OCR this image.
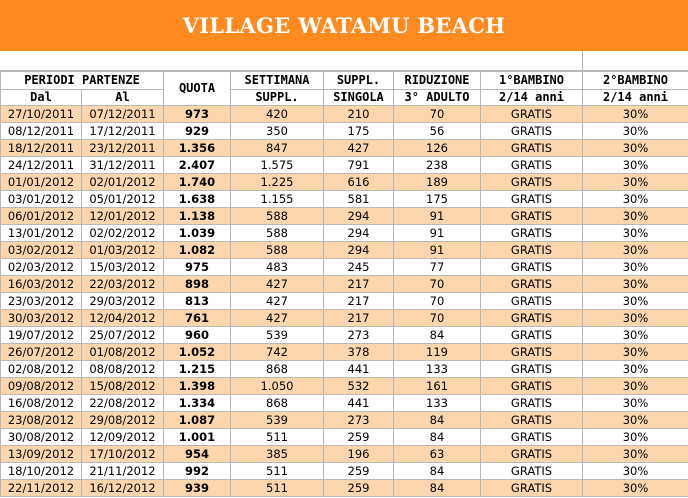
VILLAGE WATAMU BEACH
PERIODI PARTENZE		QUOTA	SETTIMANA	SUPPL.	RIDUZIONE	1°BAMBINO	2°BAMBINO
Dal	Al		SUPPL.	SINGOLA	3° ADULTO	2/14 anni	2/14 anni
27/10/2011	07/12/2011	973	420	210	70	GRATIS	30%
08/12/2011	17/12/2011	929	350	175	56	GRATIS	30%
18/12/2011	23/12/2011	1.356	847	427	126	GRATIS	30%
24/12/2011	31/12/2011	2.407	1.575	791	238	GRATIS	30%
01/01/2012	02/01/2012	1.740	1.225	616	189	GRATIS	30%
03/01/2012	05/01/2012	1.638	1.155	581	175	GRATIS	30%
06/01/2012	12/01/2012	1.138	588	294	91	GRATIS	30%
13/01/2012	02/02/2012	1.039	588	294	91	GRATIS	30%
03/02/2012	01/03/2012	1.082	588	294	91	GRATIS	30%
02/03/2012	15/03/2012	975	483	245	77	GRATIS	30%
16/03/2012	22/03/2012	898	427	217	70	GRATIS	30%
23/03/2012	29/03/2012	813	427	217	70	GRATIS	30%
30/03/2012	12/04/2012	761	427	217	70	GRATIS	30%
19/07/2012	25/07/2012	960	539	273	84	GRATIS	30%
26/07/2012	01/08/2012	1.052	742	378	119	GRATIS	30%
02/08/2012	08/08/2012	1.215	868	441	133	GRATIS	30%
09/08/2012	15/08/2012	1.398	1.050	532	161	GRATIS	30%
16/08/2012	22/08/2012	1.334	868	441	133	GRATIS	30%
23/08/2012	29/08/2012	1.087	539	273	84	GRATIS	30%
30/08/2012	12/09/2012	1.001	511	259	84	GRATIS	30%
13/09/2012	17/10/2012	954	385	196	63	GRATIS	30%
18/10/2012	21/11/2012	992	511	259	84	GRATIS	30%
22/11/2012	16/12/2012	939	511	259	84	GRATIS	30%
